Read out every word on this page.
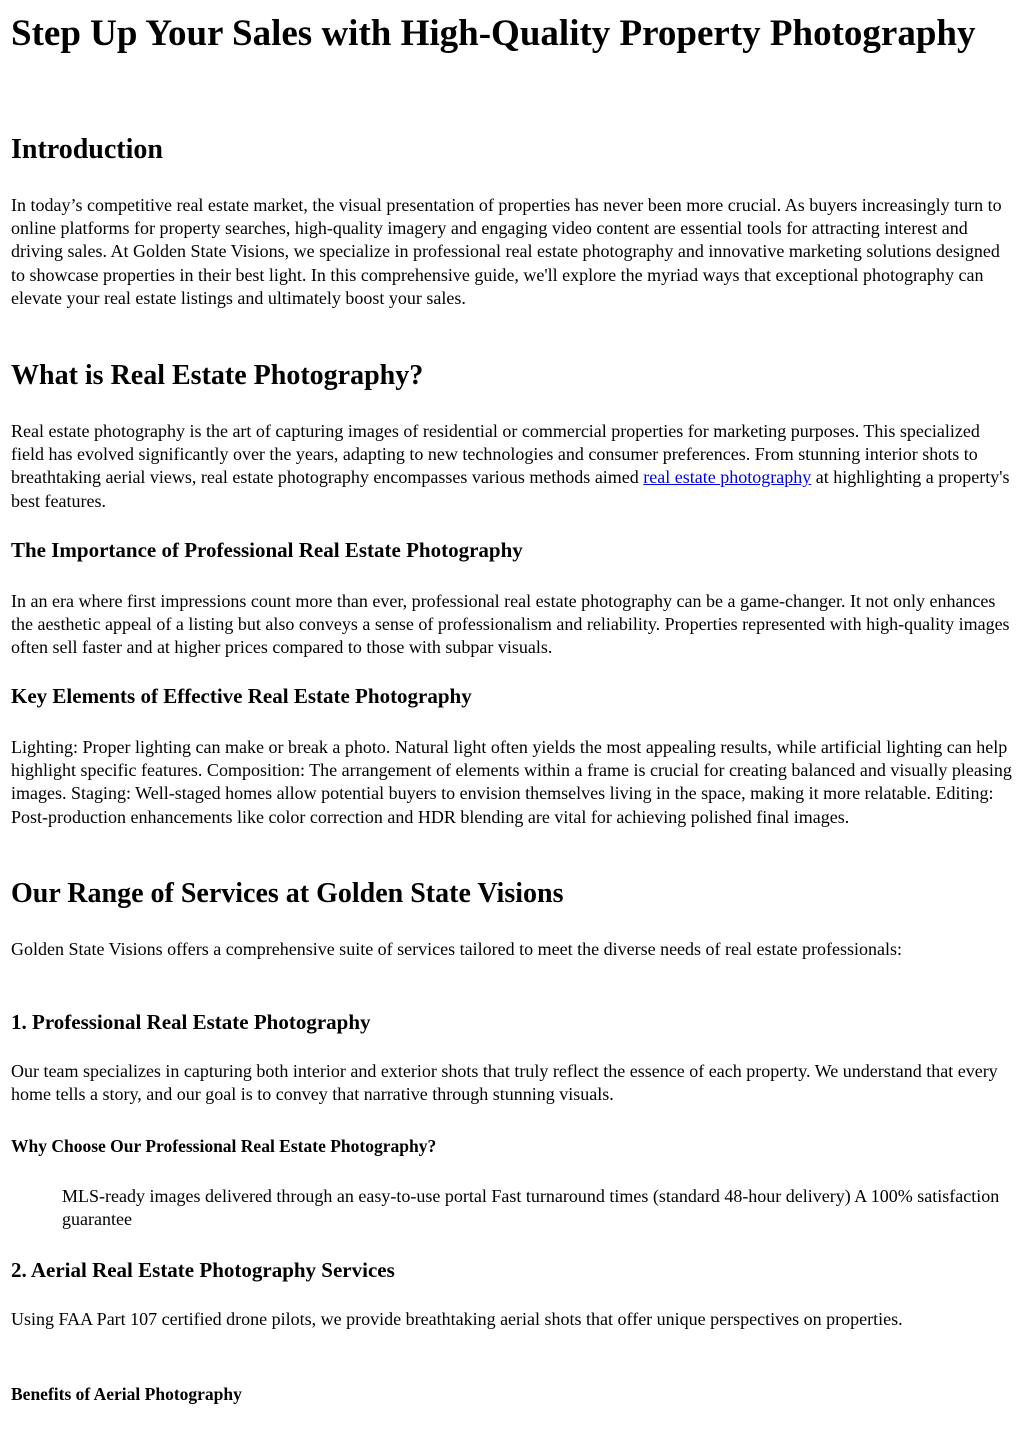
Step Up Your Sales with High-Quality Property Photography
Introduction

In today’s competitive real estate market, the visual presentation of properties has never been more crucial. As buyers increasingly turn to online platforms for property searches, high-quality imagery and engaging video content are essential tools for attracting interest and driving sales. At Golden State Visions, we specialize in professional real estate photography and innovative marketing solutions designed to showcase properties in their best light. In this comprehensive guide, we'll explore the myriad ways that exceptional photography can elevate your real estate listings and ultimately boost your sales.

What is Real Estate Photography?

Real estate photography is the art of capturing images of residential or commercial properties for marketing purposes. This specialized field has evolved significantly over the years, adapting to new technologies and consumer preferences. From stunning interior shots to breathtaking aerial views, real estate photography encompasses various methods aimed real estate photography at highlighting a property's best features.

The Importance of Professional Real Estate Photography

In an era where first impressions count more than ever, professional real estate photography can be a game-changer. It not only enhances the aesthetic appeal of a listing but also conveys a sense of professionalism and reliability. Properties represented with high-quality images often sell faster and at higher prices compared to those with subpar visuals.

Key Elements of Effective Real Estate Photography

Lighting: Proper lighting can make or break a photo. Natural light often yields the most appealing results, while artificial lighting can help highlight specific features. Composition: The arrangement of elements within a frame is crucial for creating balanced and visually pleasing images. Staging: Well-staged homes allow potential buyers to envision themselves living in the space, making it more relatable. Editing: Post-production enhancements like color correction and HDR blending are vital for achieving polished final images.

Our Range of Services at Golden State Visions

Golden State Visions offers a comprehensive suite of services tailored to meet the diverse needs of real estate professionals:

1. Professional Real Estate Photography

Our team specializes in capturing both interior and exterior shots that truly reflect the essence of each property. We understand that every home tells a story, and our goal is to convey that narrative through stunning visuals.

Why Choose Our Professional Real Estate Photography?
MLS-ready images delivered through an easy-to-use portal Fast turnaround times (standard 48-hour delivery) A 100% satisfaction guarantee
2. Aerial Real Estate Photography Services

Using FAA Part 107 certified drone pilots, we provide breathtaking aerial shots that offer unique perspectives on properties.

Benefits of Aerial Photography
